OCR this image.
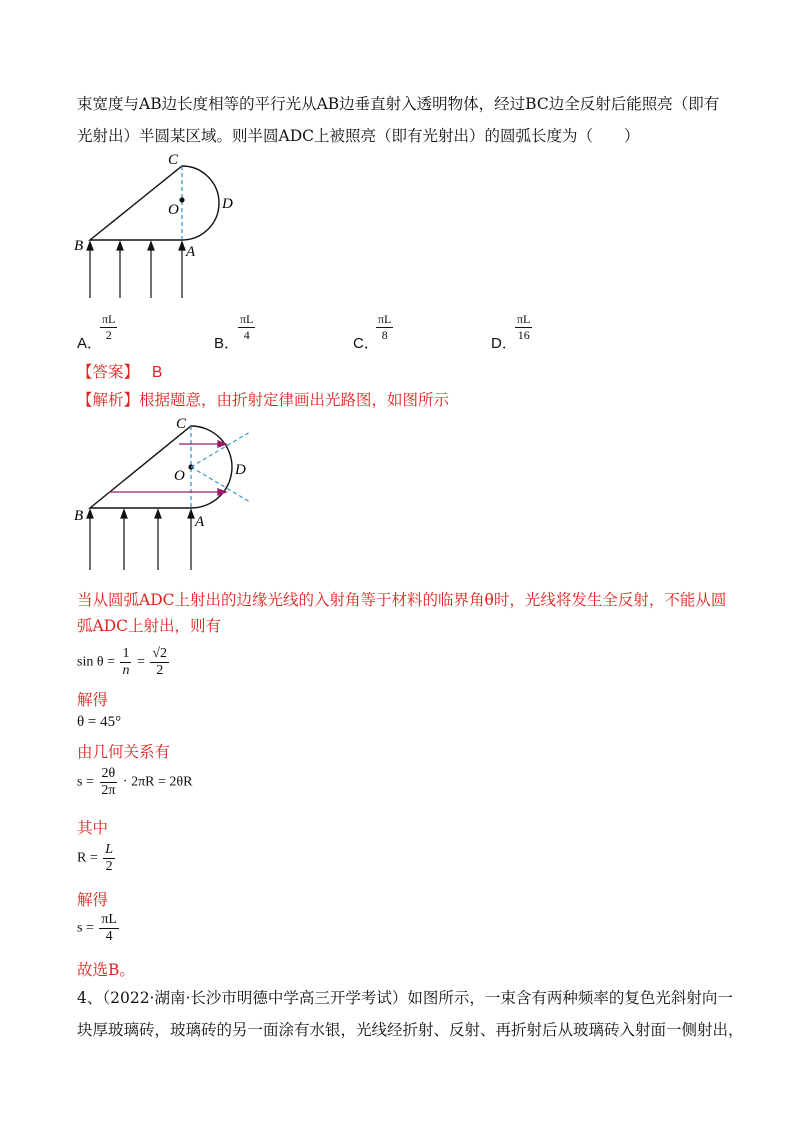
束宽度与AB边长度相等的平行光从AB边垂直射入透明物体，经过BC边全反射后能照亮（即有
光射出）半圆某区域。则半圆ADC上被照亮（即有光射出）的圆弧长度为（　　）
C
O	D
B	A
A．
πL
2	B．
πL
4	C．
πL
8	D．
πL
16
【答案】 B
【解析】根据题意，由折射定律画出光路图，如图所示
C
O	D
B	A
当从圆弧ADC上射出的边缘光线的入射角等于材料的临界角θ时，光线将发生全反射，不能从圆
弧ADC上射出，则有
$\sin \theta = \frac{1}{n} = \frac{√2}{2}$
解得
θ = 45°
由几何关系有
$s = \frac{2\theta}{2\pi} \cdot 2\pi R = 2\theta R$
其中
$R = \frac{L}{2}$
解得
$s = \frac{\pi L}{4}$
故选B。
4、（2022·湖南·长沙市明德中学高三开学考试）如图所示，一束含有两种频率的复色光斜射向一
块厚玻璃砖，玻璃砖的另一面涂有水银，光线经折射、反射、再折射后从玻璃砖入射面一侧射出，
